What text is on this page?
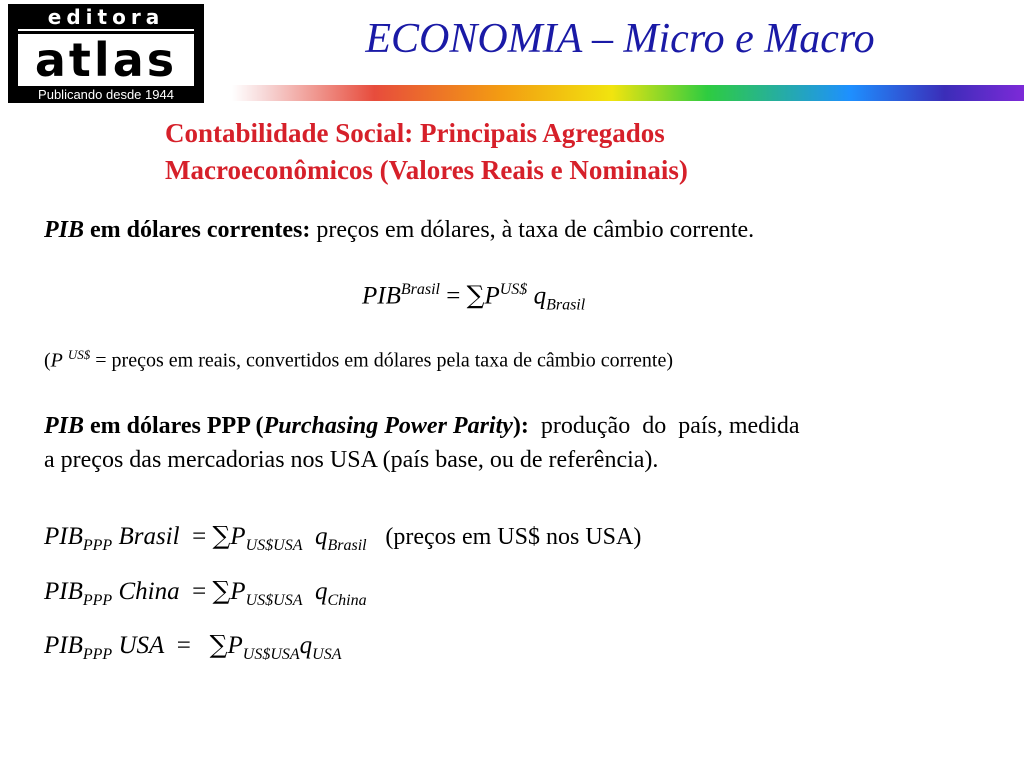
editora
atlas
Publicando desde 1944
ECONOMIA – Micro e Macro
Contabilidade Social: Principais Agregados
Macroeconômicos (Valores Reais e Nominais)
PIB em dólares correntes: preços em dólares, à taxa de câmbio corrente.
$PIB^{Brasil} = \sum P^{US\$}$ $q_{Brasil}$
(P $^{US\$}$ = preços em reais, convertidos em dólares pela taxa de câmbio corrente)
PIB em dólares PPP (Purchasing Power Parity):  produção  do  país, medida
a preços das mercadorias nos USA (país base, ou de referência).
$PIB_{PPP}$ Brasil = $\sum P_{US\$USA}$ $q_{Brasil}$ (preços em US$ nos USA)
$PIB_{PPP}$ China = $\sum P_{US\$USA}$ $q_{China}$
$PIB_{PPP}$ USA = $\sum P_{US\$USA}q_{USA}$
